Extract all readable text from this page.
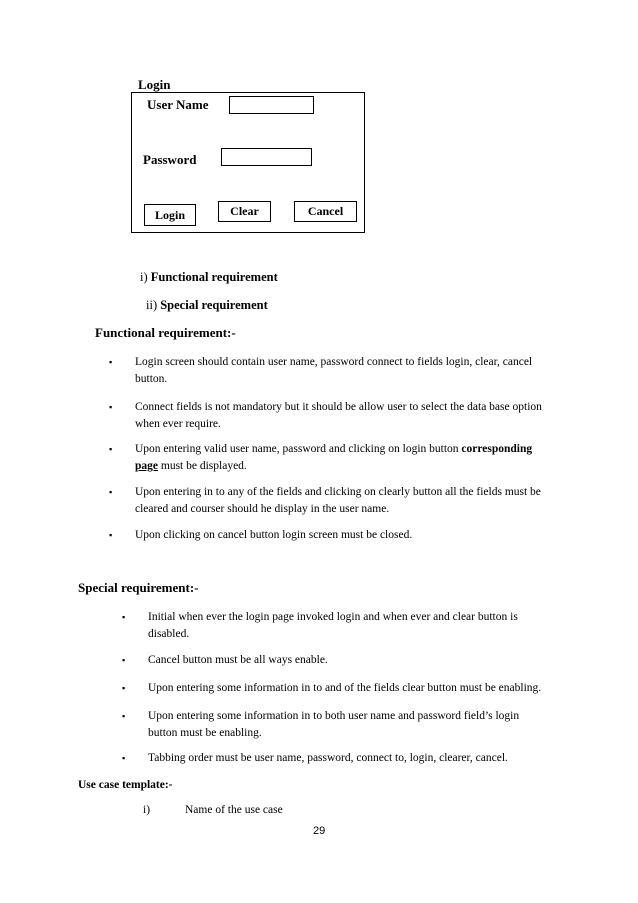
Login
User Name
Password
Login	Clear	Cancel
i) Functional requirement
ii) Special requirement
Functional requirement:-
▪ Login screen should contain user name, password connect to fields login, clear, cancel
button.
▪ Connect fields is not mandatory but it should be allow user to select the data base option
when ever require.
▪ Upon entering valid user name, password and clicking on login button corresponding
page must be displayed.
▪ Upon entering in to any of the fields and clicking on clearly button all the fields must be
cleared and courser should he display in the user name.
▪ Upon clicking on cancel button login screen must be closed.
Special requirement:-
▪ Initial when ever the login page invoked login and when ever and clear button is
disabled.
▪ Cancel button must be all ways enable.
▪ Upon entering some information in to and of the fields clear button must be enabling.
▪ Upon entering some information in to both user name and password field’s login
button must be enabling.
▪ Tabbing order must be user name, password, connect to, login, clearer, cancel.
Use case template:-
i)	Name of the use case
29
